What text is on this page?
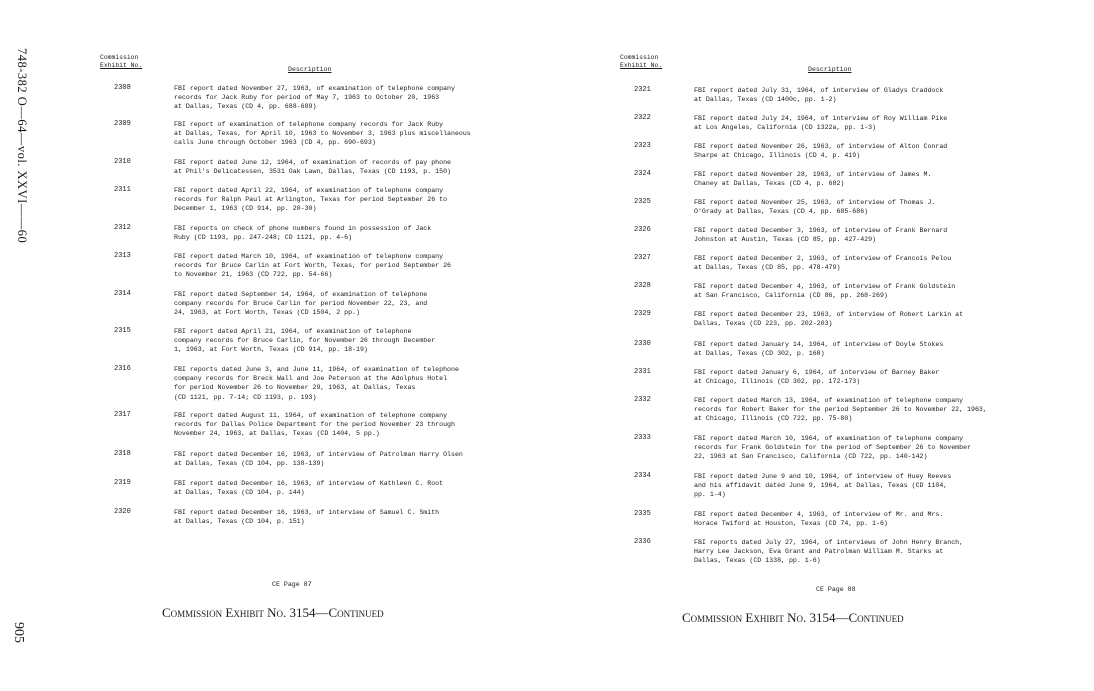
748-382 O—64—vol. XXVI——60
905
Commission
Exhibit No.
Description
2308	FBI report dated November 27, 1963, of examination of telephone company
records for Jack Ruby for period of May 7, 1963 to October 20, 1963
at Dallas, Texas (CD 4, pp. 688-689)
2309	FBI report of examination of telephone company records for Jack Ruby
at Dallas, Texas, for April 10, 1963 to November 3, 1963 plus miscellaneous
calls June through October 1963 (CD 4, pp. 690-693)
2310	FBI report dated June 12, 1964, of examination of records of pay phone
at Phil's Delicatessen, 3531 Oak Lawn, Dallas, Texas (CD 1193, p. 150)
2311	FBI report dated April 22, 1964, of examination of telephone company
records for Ralph Paul at Arlington, Texas for period September 26 to
December 1, 1963 (CD 914, pp. 20-30)
2312	FBI reports on check of phone numbers found in possession of Jack
Ruby (CD 1193, pp. 247-248; CD 1121, pp. 4-6)
2313	FBI report dated March 10, 1964, of examination of telephone company
records for Bruce Carlin at Fort Worth, Texas, for period September 26
to November 21, 1963 (CD 722, pp. 54-66)
2314	FBI report dated September 14, 1964, of examination of telephone
company records for Bruce Carlin for period November 22, 23, and
24, 1963, at Fort Worth, Texas (CD 1504, 2 pp.)
2315	FBI report dated April 21, 1964, of examination of telephone
company records for Bruce Carlin, for November 26 through December
1, 1963, at Fort Worth, Texas (CD 914, pp. 18-19)
2316	FBI reports dated June 3, and June 11, 1964, of examination of telephone
company records for Breck Wall and Joe Peterson at the Adolphus Hotel
for period November 26 to November 29, 1963, at Dallas, Texas
(CD 1121, pp. 7-14; CD 1193, p. 193)
2317	FBI report dated August 11, 1964, of examination of telephone company
records for Dallas Police Department for the period November 23 through
November 24, 1963, at Dallas, Texas (CD 1404, 5 pp.)
2318	FBI report dated December 16, 1963, of interview of Patrolman Harry Olsen
at Dallas, Texas (CD 104, pp. 138-139)
2319	FBI report dated December 16, 1963, of interview of Kathleen C. Root
at Dallas, Texas (CD 104, p. 144)
2320	FBI report dated December 16, 1963, of interview of Samuel C. Smith
at Dallas, Texas (CD 104, p. 151)
CE Page 87
Commission Exhibit No. 3154—Continued
Commission
Exhibit No.
Description
2321	FBI report dated July 31, 1964, of interview of Gladys Craddock
at Dallas, Texas (CD 1400c, pp. 1-2)
2322	FBI report dated July 24, 1964, of interview of Roy William Pike
at Los Angeles, California (CD 1322a, pp. 1-3)
2323	FBI report dated November 26, 1963, of interview of Alton Conrad
Sharpe at Chicago, Illinois (CD 4, p. 419)
2324	FBI report dated November 28, 1963, of interview of James M.
Chaney at Dallas, Texas (CD 4, p. 682)
2325	FBI report dated November 25, 1963, of interview of Thomas J.
O'Grady at Dallas, Texas (CD 4, pp. 685-686)
2326	FBI report dated December 3, 1963, of interview of Frank Bernard
Johnston at Austin, Texas (CD 85, pp. 427-429)
2327	FBI report dated December 2, 1963, of interview of Francois Pelou
at Dallas, Texas (CD 85, pp. 478-479)
2328	FBI report dated December 4, 1963, of interview of Frank Goldstein
at San Francisco, California (CD 86, pp. 268-269)
2329	FBI report dated December 23, 1963, of interview of Robert Larkin at
Dallas, Texas (CD 223, pp. 202-203)
2330	FBI report dated January 14, 1964, of interview of Doyle Stokes
at Dallas, Texas (CD 302, p. 168)
2331	FBI report dated January 6, 1964, of interview of Barney Baker
at Chicago, Illinois (CD 302, pp. 172-173)
2332	FBI report dated March 13, 1964, of examination of telephone company
records for Robert Baker for the period September 26 to November 22, 1963,
at Chicago, Illinois (CD 722, pp. 75-80)
2333	FBI report dated March 10, 1964, of examination of telephone company
records for Frank Goldstein for the period of September 26 to November
22, 1963 at San Francisco, California (CD 722, pp. 140-142)
2334	FBI report dated June 9 and 10, 1964, of interview of Huey Reeves
and his affidavit dated June 9, 1964, at Dallas, Texas (CD 1104,
pp. 1-4)
2335	FBI report dated December 4, 1963, of interview of Mr. and Mrs.
Horace Twiford at Houston, Texas (CD 74, pp. 1-6)
2336	FBI reports dated July 27, 1964, of interviews of John Henry Branch,
Harry Lee Jackson, Eva Grant and Patrolman William M. Starks at
Dallas, Texas (CD 1338, pp. 1-6)
CE Page 88
Commission Exhibit No. 3154—Continued
